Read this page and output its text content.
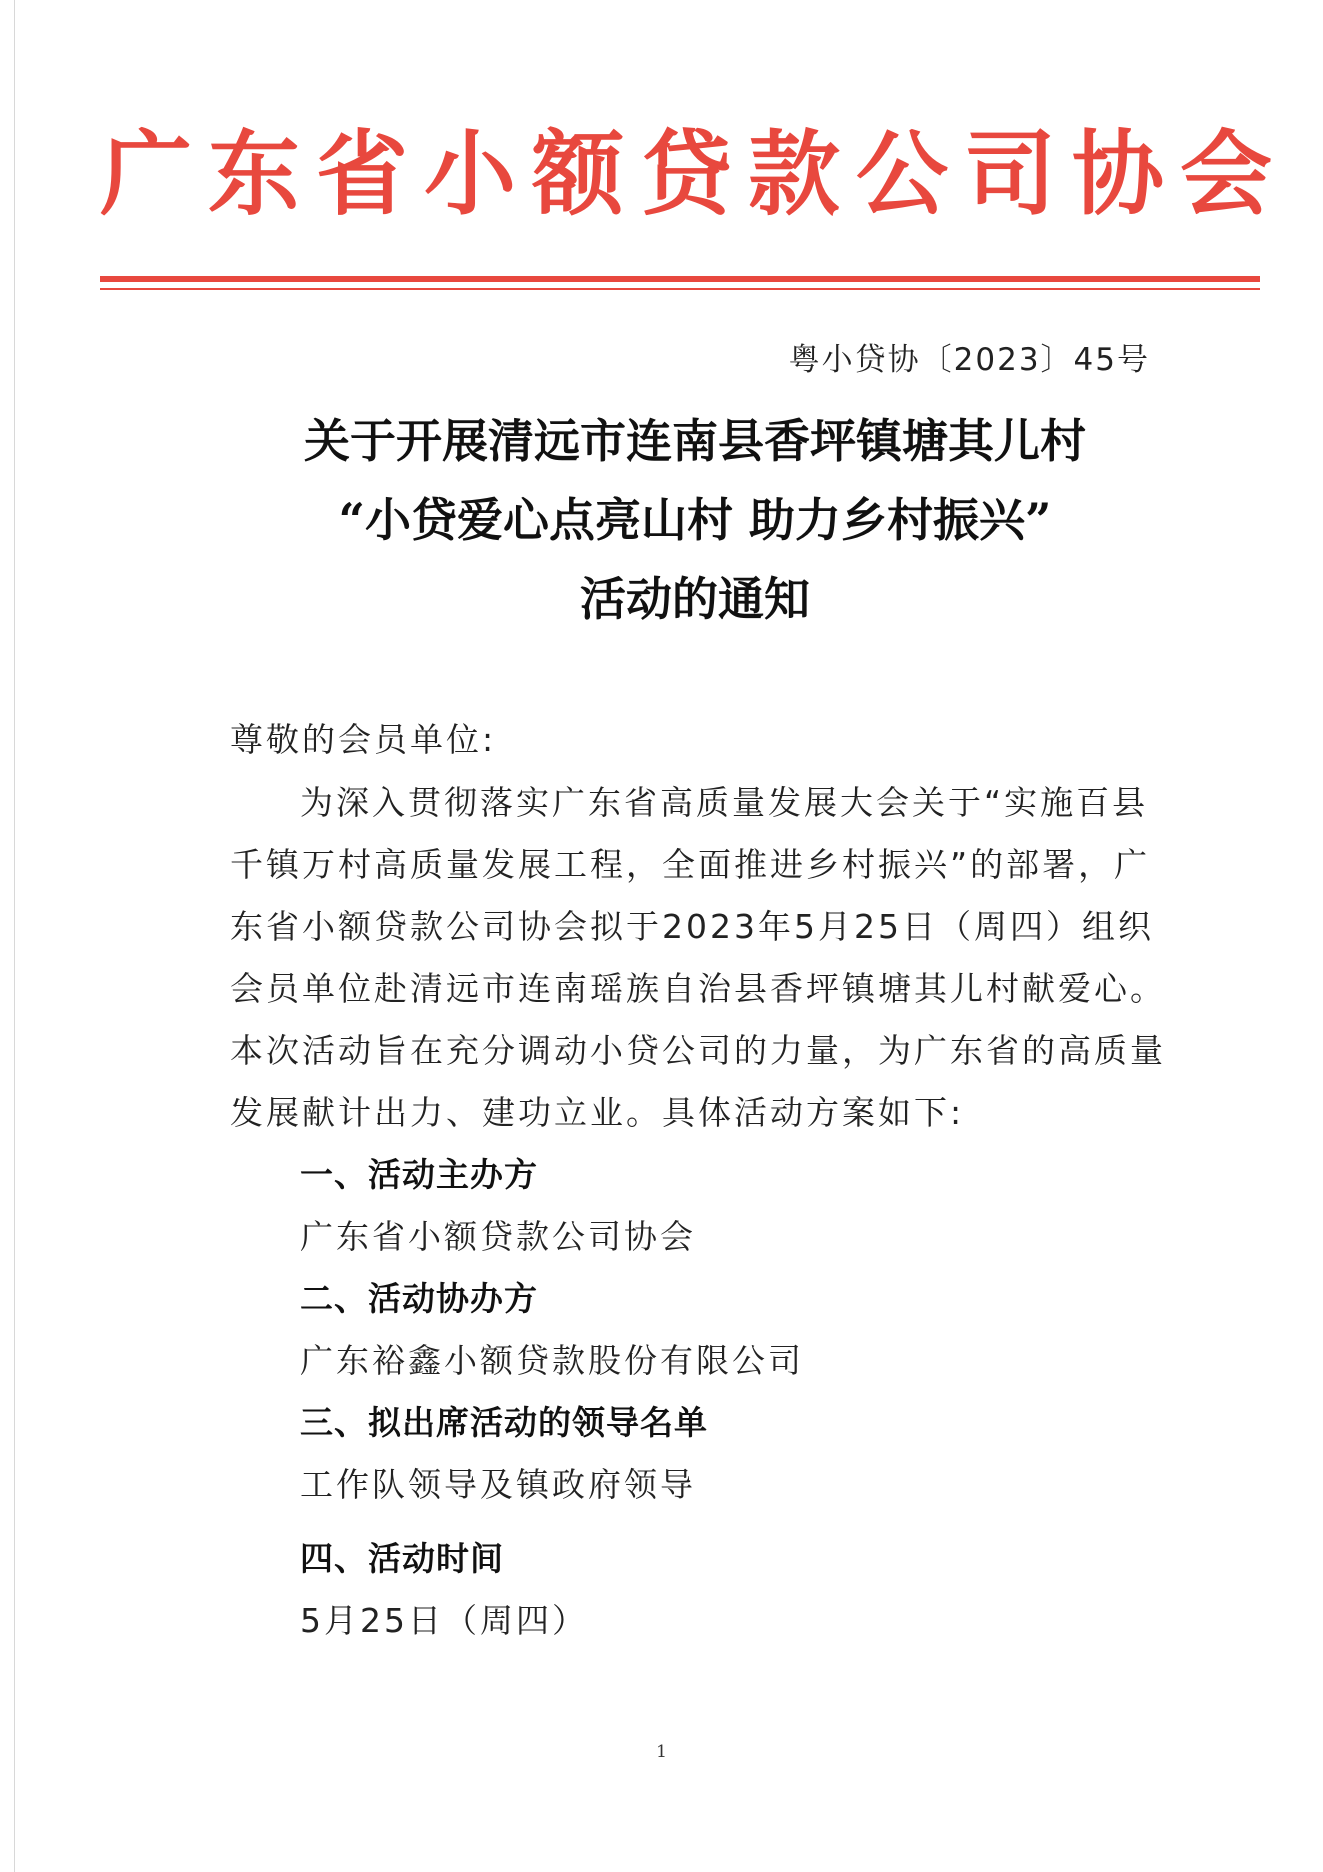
广东省小额贷款公司协会
粤小贷协〔2023〕45号
关于开展清远市连南县香坪镇塘其儿村
“小贷爱心点亮山村 助力乡村振兴”
活动的通知
尊敬的会员单位:
为深入贯彻落实广东省高质量发展大会关于“实施百县
千镇万村高质量发展工程，全面推进乡村振兴”的部署，广
东省小额贷款公司协会拟于2023年5月25日（周四）组织
会员单位赴清远市连南瑶族自治县香坪镇塘其儿村献爱心。
本次活动旨在充分调动小贷公司的力量，为广东省的高质量
发展献计出力、建功立业。具体活动方案如下:
一、活动主办方
广东省小额贷款公司协会
二、活动协办方
广东裕鑫小额贷款股份有限公司
三、拟出席活动的领导名单
工作队领导及镇政府领导
四、活动时间
5月25日（周四）
1
